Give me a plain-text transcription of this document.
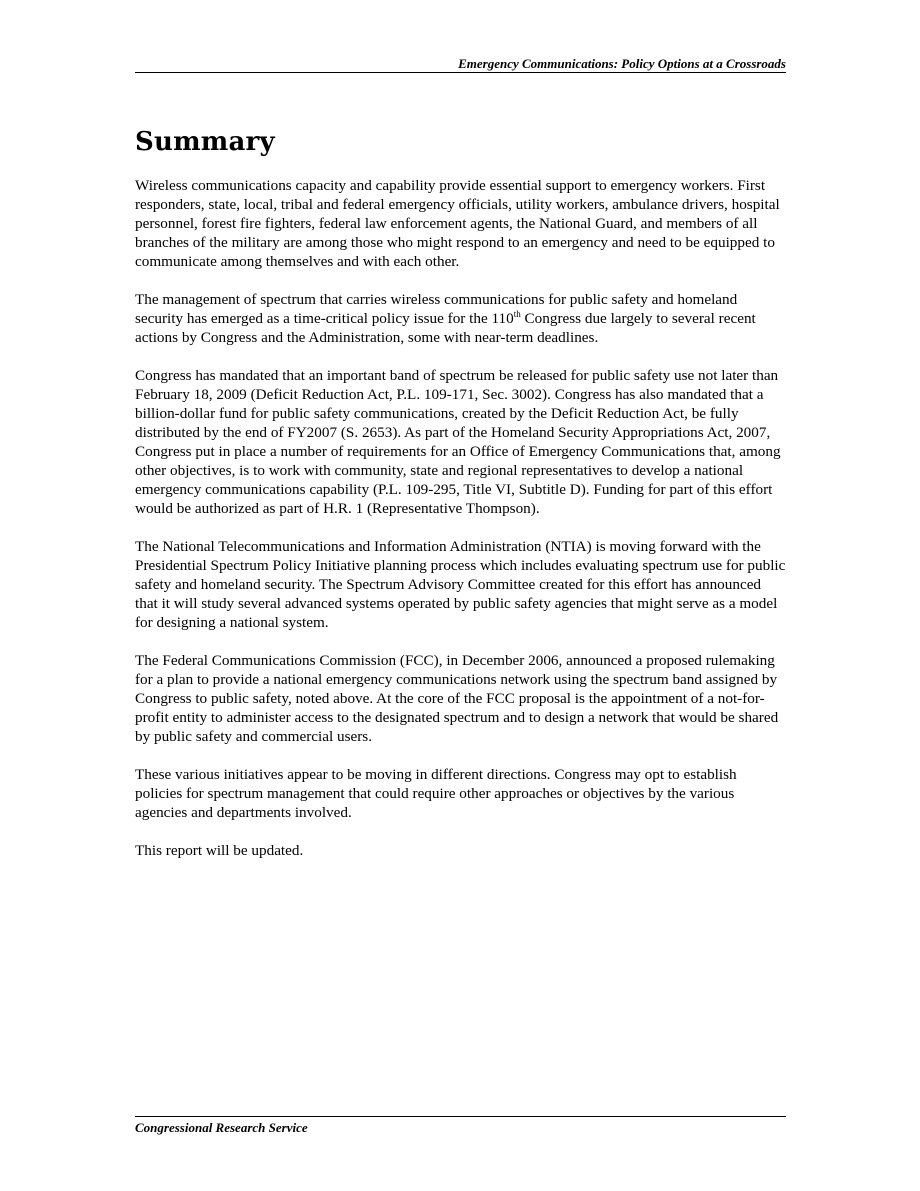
Emergency Communications: Policy Options at a Crossroads
Summary

Wireless communications capacity and capability provide essential support to emergency workers. First responders, state, local, tribal and federal emergency officials, utility workers, ambulance drivers, hospital personnel, forest fire fighters, federal law enforcement agents, the National Guard, and members of all branches of the military are among those who might respond to an emergency and need to be equipped to communicate among themselves and with each other.

The management of spectrum that carries wireless communications for public safety and homeland security has emerged as a time-critical policy issue for the 110th Congress due largely to several recent actions by Congress and the Administration, some with near-term deadlines.

Congress has mandated that an important band of spectrum be released for public safety use not later than February 18, 2009 (Deficit Reduction Act, P.L. 109-171, Sec. 3002). Congress has also mandated that a billion-dollar fund for public safety communications, created by the Deficit Reduction Act, be fully distributed by the end of FY2007 (S. 2653). As part of the Homeland Security Appropriations Act, 2007, Congress put in place a number of requirements for an Office of Emergency Communications that, among other objectives, is to work with community, state and regional representatives to develop a national emergency communications capability (P.L. 109-295, Title VI, Subtitle D). Funding for part of this effort would be authorized as part of H.R. 1 (Representative Thompson).

The National Telecommunications and Information Administration (NTIA) is moving forward with the Presidential Spectrum Policy Initiative planning process which includes evaluating spectrum use for public safety and homeland security. The Spectrum Advisory Committee created for this effort has announced that it will study several advanced systems operated by public safety agencies that might serve as a model for designing a national system.

The Federal Communications Commission (FCC), in December 2006, announced a proposed rulemaking for a plan to provide a national emergency communications network using the spectrum band assigned by Congress to public safety, noted above. At the core of the FCC proposal is the appointment of a not-for-profit entity to administer access to the designated spectrum and to design a network that would be shared by public safety and commercial users.

These various initiatives appear to be moving in different directions. Congress may opt to establish policies for spectrum management that could require other approaches or objectives by the various agencies and departments involved.

This report will be updated.

Congressional Research Service
